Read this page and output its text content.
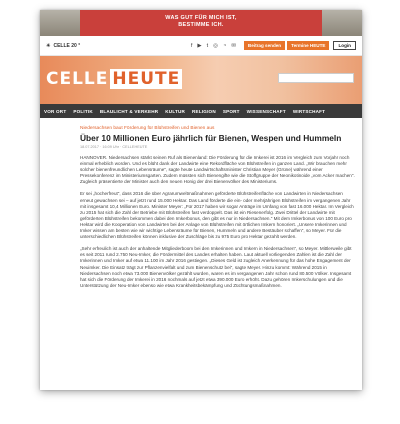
WAS GUT FÜR MICH IST,
BESTIMME ICH.
☀ CELLE 20 °	f ▶ t ◎ ◔ ✉	Beitrag senden	Termine HEUTE	Login
CELLE HEUTE
VOR ORT POLITIK BLAULICHT & VERKEHR KULTUR RELIGION SPORT WISSENSCHAFT WIRTSCHAFT
Niedersachsen baut Förderung für Blühstreifen und Bienen aus
Über 10 Millionen Euro jährlich für Bienen, Wespen und Hummeln
18.07.2017 · 16:09 Uhr · CELLEHEUTE

HANNOVER. Niedersachsen stärkt seinen Ruf als Bienenland: Die Förderung für die Imkerei ist 2016 im Vergleich zum Vorjahr noch einmal erheblich worden. Und es blüht dank der Landwirte eine Rekordfläche von Blühstreifen in ganzen Land. „Wir brauchen mehr solcher bienenfreundlichen Lebensräume", sagte heute Landwirtschaftsminister Christian Meyer (Grüne) während einer Pressekonferenz im Ministeriumsgarten. Zudem müssten sich Bienengifte wie die Stoffgruppe der Neonikotinoide „vom Acker machen". Zugleich präsentierte der Minister auch den neuen Honig der drei Bienenvölker des Ministeriums.

Er sei „hocherfreut", dass 2016 die über Agrarumweltmaßnahmen geförderte Blühstreifenfläche von Landwirten in Niedersachsen erneut gewachsen sei – auf jetzt rund 15.000 Hektar. Das Land förderte die ein- oder mehrjährigen Blühstreifen im vergangenen Jahr mit insgesamt 10,4 Millionen Euro. Minister Meyer: „Für 2017 haben wir sogar Anträge im Umfang von fast 16.000 Hektar. Im Vergleich zu 2015 hat sich die Zahl der Betriebe mit Blühstreifen fast verdoppelt. Das ist ein Riesenerfolg. Zwei Drittel der Landwirte mit geförderten Blühstreifen bekommen dabei den Imkerbonus, den gibt es nur in Niedersachsen." Mit dem Imkerbonus von 100 Euro pro Hektar wird die Kooperation von Landwirten bei der Anlage von Blühstreifen mit örtlichen Imkern honoriert. „Unsere Imkerinnen und Imker wissen am besten wie wir wichtige Lebensräume für Bienen, Hummeln und andere Bestäuber schaffen", so Meyer. Für die unterschiedlichen Blühstreifen können inklusive der Zuschläge bis zu 975 Euro pro Hektar gezahlt werden.

„Sehr erfreulich ist auch der anhaltende Mitgliederboom bei den Imkerinnen und Imkern in Niedersachsen", so Meyer. Mittlerweile gibt es seit 2011 rund 2.750 Neu-Imker, die Fördermittel des Landes erhalten haben. Laut aktuell vorliegenden Zahlen ist die Zahl der Imkerinnen und Imker auf etwa 11.100 im Jahr 2016 gestiegen. „Dieses Geld ist zugleich Anerkennung für das hohe Engagement der Neuimker. Die Einsatz trägt zur Pflanzenvielfalt und zum Bienenschutz bei", sagte Meyer. Hinzu kommt: Während 2015 in Niedersachsen noch etwa 73.000 Bienenvölker gezählt wurden, waren es im vergangenen Jahr schon rund 80.500 Völker. Insgesamt hat sich die Förderung der Imkerei in 2016 nochmals auf jetzt etwa 390.000 Euro erhöht. Dazu gehören Imkerschulungen und die Unterstützung der Neu-Imker ebenso wie etwa Krankheitsbekämpfung und Züchtungsmaßnahmen.
